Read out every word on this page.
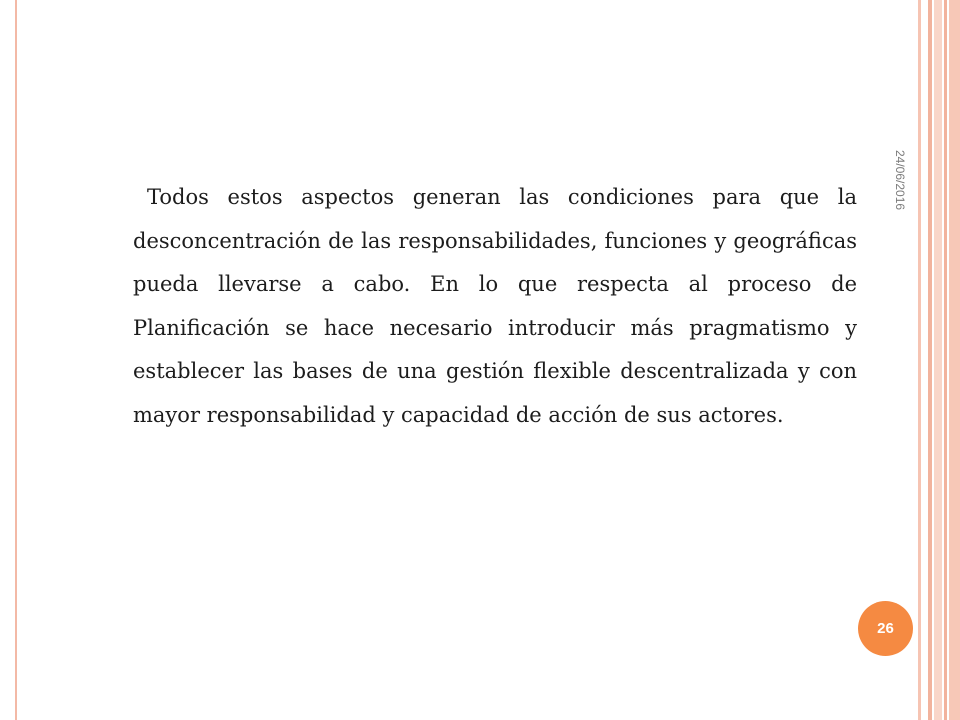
Todos estos aspectos generan las condiciones para que la desconcentración de las responsabilidades, funciones y geográficas pueda llevarse a cabo. En lo que respecta al proceso de Planificación se hace necesario introducir más pragmatismo y establecer las bases de una gestión flexible descentralizada y con mayor responsabilidad y capacidad de acción de sus actores.
24/06/2016
26
